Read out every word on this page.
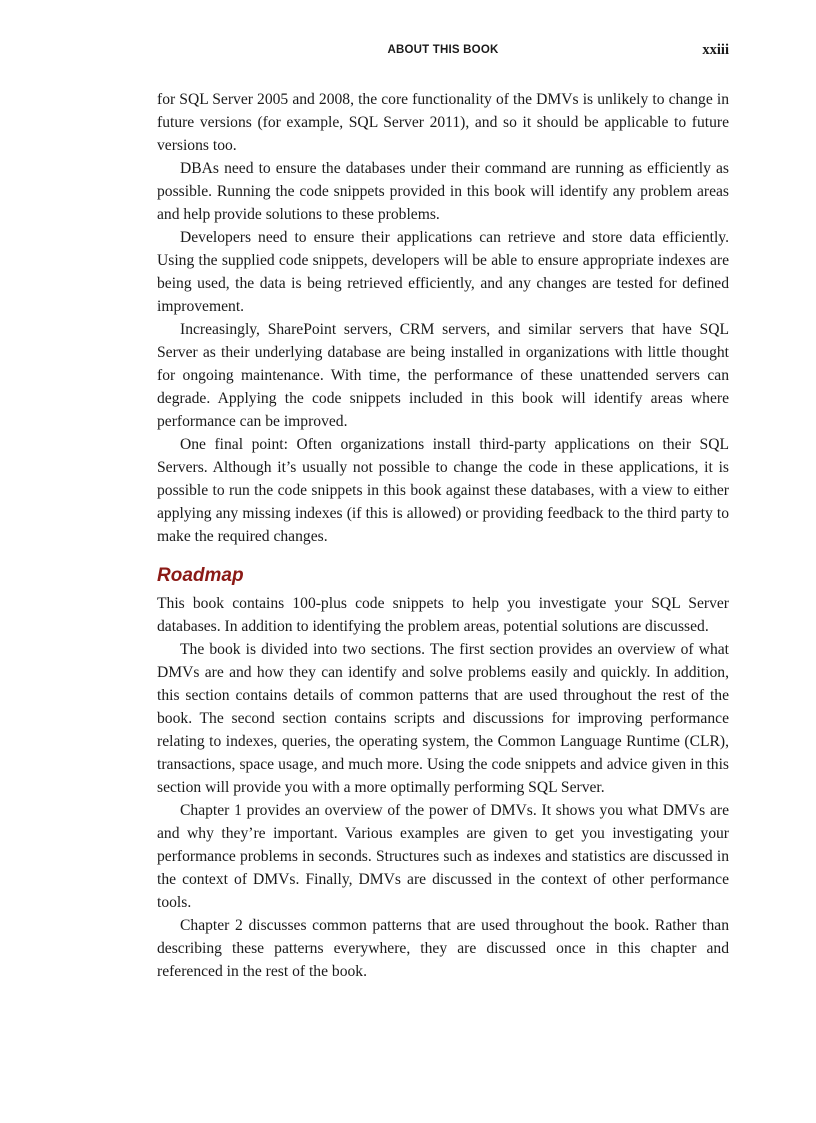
ABOUT THIS BOOK	xxiii

for SQL Server 2005 and 2008, the core functionality of the DMVs is unlikely to change in future versions (for example, SQL Server 2011), and so it should be applicable to future versions too.

DBAs need to ensure the databases under their command are running as efficiently as possible. Running the code snippets provided in this book will identify any problem areas and help provide solutions to these problems.

Developers need to ensure their applications can retrieve and store data efficiently. Using the supplied code snippets, developers will be able to ensure appropriate indexes are being used, the data is being retrieved efficiently, and any changes are tested for defined improvement.

Increasingly, SharePoint servers, CRM servers, and similar servers that have SQL Server as their underlying database are being installed in organizations with little thought for ongoing maintenance. With time, the performance of these unattended servers can degrade. Applying the code snippets included in this book will identify areas where performance can be improved.

One final point: Often organizations install third-party applications on their SQL Servers. Although it’s usually not possible to change the code in these applications, it is possible to run the code snippets in this book against these databases, with a view to either applying any missing indexes (if this is allowed) or providing feedback to the third party to make the required changes.

Roadmap

This book contains 100-plus code snippets to help you investigate your SQL Server databases. In addition to identifying the problem areas, potential solutions are discussed.

The book is divided into two sections. The first section provides an overview of what DMVs are and how they can identify and solve problems easily and quickly. In addition, this section contains details of common patterns that are used throughout the rest of the book. The second section contains scripts and discussions for improving performance relating to indexes, queries, the operating system, the Common Language Runtime (CLR), transactions, space usage, and much more. Using the code snippets and advice given in this section will provide you with a more optimally performing SQL Server.

Chapter 1 provides an overview of the power of DMVs. It shows you what DMVs are and why they’re important. Various examples are given to get you investigating your performance problems in seconds. Structures such as indexes and statistics are discussed in the context of DMVs. Finally, DMVs are discussed in the context of other performance tools.

Chapter 2 discusses common patterns that are used throughout the book. Rather than describing these patterns everywhere, they are discussed once in this chapter and referenced in the rest of the book.
